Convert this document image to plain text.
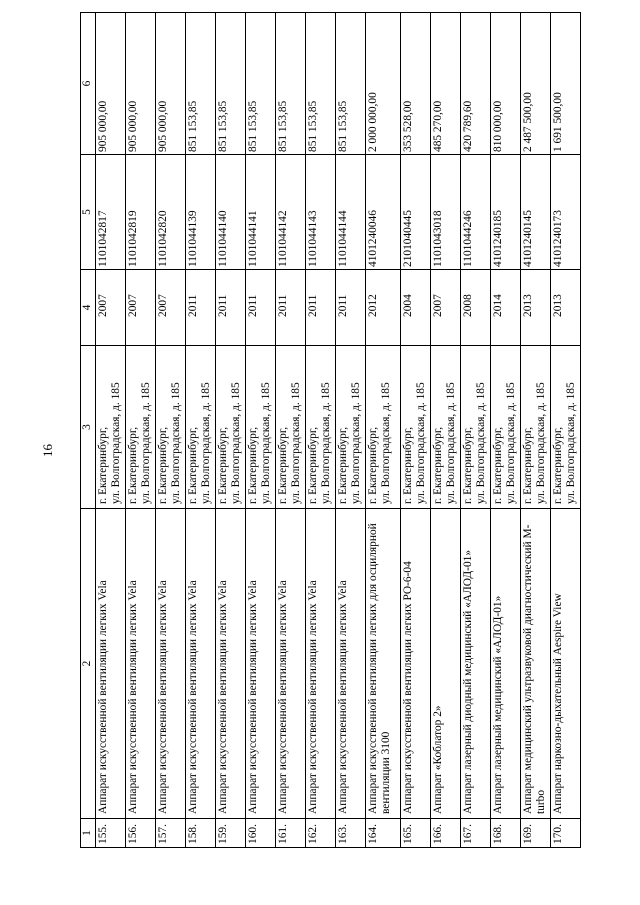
16
1	2	3	4	5	6
155.	Аппарат искусственной вентиляции легких Vela	г. Екатеринбург, ул. Волгоградская, д. 185	2007	1101042817	905 000,00
156.	Аппарат искусственной вентиляции легких Vela	г. Екатеринбург, ул. Волгоградская, д. 185	2007	1101042819	905 000,00
157.	Аппарат искусственной вентиляции легких Vela	г. Екатеринбург, ул. Волгоградская, д. 185	2007	1101042820	905 000,00
158.	Аппарат искусственной вентиляции легких Vela	г. Екатеринбург, ул. Волгоградская, д. 185	2011	1101044139	851 153,85
159.	Аппарат искусственной вентиляции легких Vela	г. Екатеринбург, ул. Волгоградская, д. 185	2011	1101044140	851 153,85
160.	Аппарат искусственной вентиляции легких Vela	г. Екатеринбург, ул. Волгоградская, д. 185	2011	1101044141	851 153,85
161.	Аппарат искусственной вентиляции легких Vela	г. Екатеринбург, ул. Волгоградская, д. 185	2011	1101044142	851 153,85
162.	Аппарат искусственной вентиляции легких Vela	г. Екатеринбург, ул. Волгоградская, д. 185	2011	1101044143	851 153,85
163.	Аппарат искусственной вентиляции легких Vela	г. Екатеринбург, ул. Волгоградская, д. 185	2011	1101044144	851 153,85
164.	Аппарат искусственной вентиляции легких для осцилярной вентиляции 3100	г. Екатеринбург, ул. Волгоградская, д. 185	2012	4101240046	2 000 000,00
165.	Аппарат искусственной вентиляции легких РО-6-04	г. Екатеринбург, ул. Волгоградская, д. 185	2004	2101040445	353 528,00
166.	Аппарат «Коблатор 2»	г. Екатеринбург, ул. Волгоградская, д. 185	2007	1101043018	485 270,00
167.	Аппарат лазерный диодный медицинский «АЛОД-01»	г. Екатеринбург, ул. Волгоградская, д. 185	2008	1101044246	420 789,60
168.	Аппарат лазерный медицинский «АЛОД-01»	г. Екатеринбург, ул. Волгоградская, д. 185	2014	4101240185	810 000,00
169.	Аппарат медицинский ультразвуковой диагностический M-turbo	г. Екатеринбург, ул. Волгоградская, д. 185	2013	4101240145	2 487 500,00
170.	Аппарат наркозно-дыхательный Aespire View	г. Екатеринбург, ул. Волгоградская, д. 185	2013	4101240173	1 691 500,00
